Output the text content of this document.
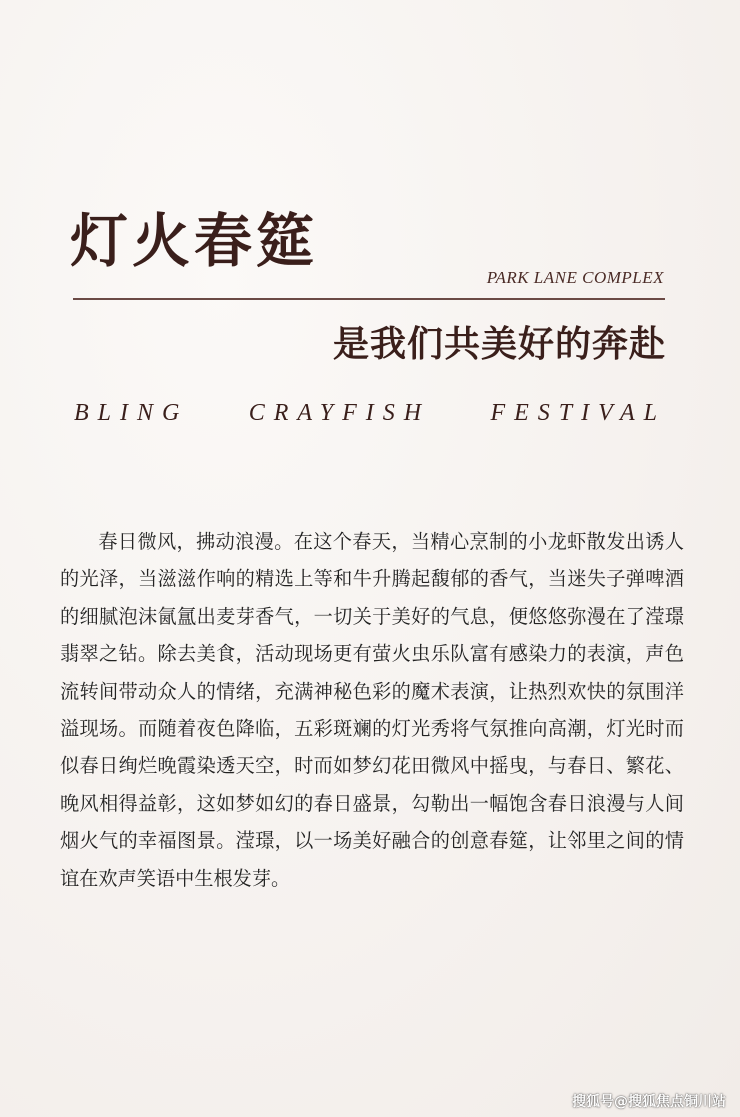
灯火春筵
PARK LANE COMPLEX
是我们共美好的奔赴
BLING	CRAYFISH	FESTIVAL

春日微风，拂动浪漫。在这个春天，当精心烹制的小龙虾散发出诱人的光泽，当滋滋作响的精选上等和牛升腾起馥郁的香气，当迷失子弹啤酒的细腻泡沫氤氲出麦芽香气，一切关于美好的气息，便悠悠弥漫在了滢璟翡翠之钻。除去美食，活动现场更有萤火虫乐队富有感染力的表演，声色流转间带动众人的情绪，充满神秘色彩的魔术表演，让热烈欢快的氛围洋溢现场。而随着夜色降临，五彩斑斓的灯光秀将气氛推向高潮，灯光时而似春日绚烂晚霞染透天空，时而如梦幻花田微风中摇曳，与春日、繁花、晚风相得益彰，这如梦如幻的春日盛景，勾勒出一幅饱含春日浪漫与人间烟火气的幸福图景。滢璟，以一场美好融合的创意春筵，让邻里之间的情谊在欢声笑语中生根发芽。

搜狐号@搜狐焦点铜川站
